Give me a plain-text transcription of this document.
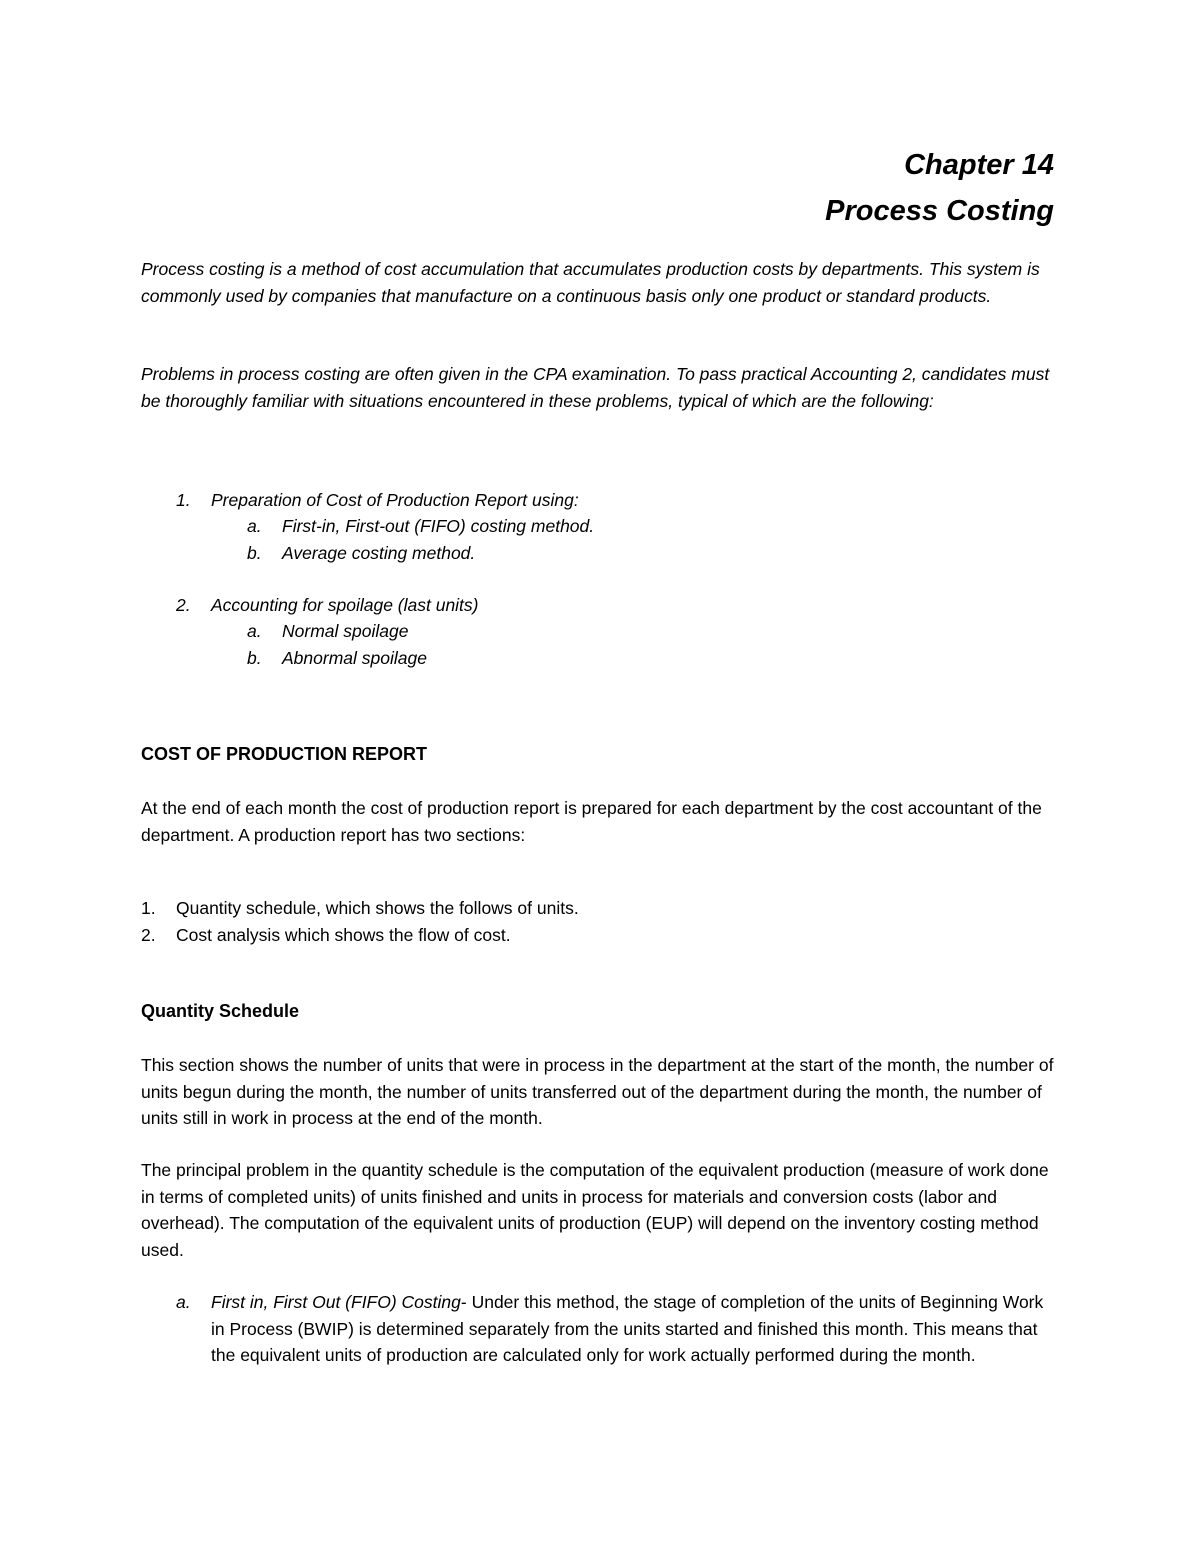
Chapter 14
Process Costing
Process costing is a method of cost accumulation that accumulates production costs by departments. This system is commonly used by companies that manufacture on a continuous basis only one product or standard products.
Problems in process costing are often given in the CPA examination. To pass practical Accounting 2, candidates must be thoroughly familiar with situations encountered in these problems, typical of which are the following:
1.	Preparation of Cost of Production Report using:
a.	First-in, First-out (FIFO) costing method.
b.	Average costing method.
2.	Accounting for spoilage (last units)
a.	Normal spoilage
b.	Abnormal spoilage
COST OF PRODUCTION REPORT
At the end of each month the cost of production report is prepared for each department by the cost accountant of the department. A production report has two sections:
1.	Quantity schedule, which shows the follows of units.
2.	Cost analysis which shows the flow of cost.
Quantity Schedule
This section shows the number of units that were in process in the department at the start of the month, the number of units begun during the month, the number of units transferred out of the department during the month, the number of units still in work in process at the end of the month.
The principal problem in the quantity schedule is the computation of the equivalent production (measure of work done in terms of completed units) of units finished and units in process for materials and conversion costs (labor and overhead). The computation of the equivalent units of production (EUP) will depend on the inventory costing method used.
a. First in, First Out (FIFO) Costing- Under this method, the stage of completion of the units of Beginning Work in Process (BWIP) is determined separately from the units started and finished this month. This means that the equivalent units of production are calculated only for work actually performed during the month.
